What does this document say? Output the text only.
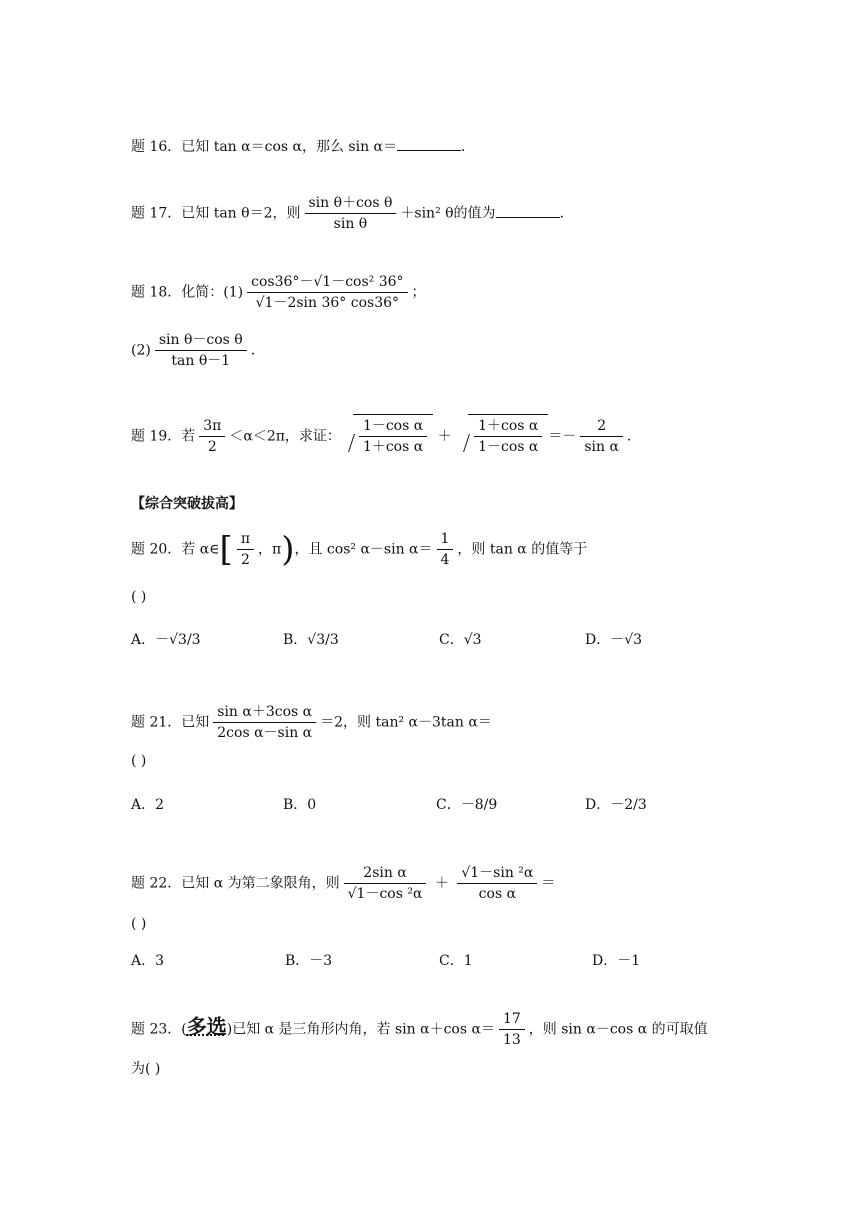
题 16．已知 tan α＝cos α，那么 sin α＝	．
题 17．已知 tan θ＝2，则 $\frac{\text{sin θ＋cos θ}}{\text{sin θ}} +\sin^2$ θ的值为	．
题 18．化简：$(1) \frac{\text{cos36°－√1－cos² 36°}}{√1-2\sin 36^\circ \cos 36^\circ}$ ；
$(2) \frac{\text{sin θ－cos θ}}{\text{tan θ－1}}$ ．
题 19．若 $\frac{3\pi}{2} <\alpha<2\pi$，求证： $\frac{\text{1－cos α}}{\text{1＋cos α}} + \frac{\text{1＋cos α}}{\text{1－cos α}} =- \frac{2}{\text{sin α}}$ ．
【综合突破拔高】
题 20．若 α∈[ $\frac{\pi}{2}$ ，π)，且 cos² α－sin $\alpha= \frac{1}{4}$ ，则 tan α 的值等于
( )
A．－√3/3	B．√3/3	C．√3	D．－√3
题 21．已知 $\frac{\text{sin α＋3cos α}}{\text{2cos α－sin α}} =2$，则 tan² α－3tan α＝
( )
A．2	B．0	C．－8/9	D．－2/3
题 22．已知 α 为第二象限角，则 $\frac{\text{2sin α}}{\text{√1－cos ²α}} + \frac{\text{√1－sin ²α}}{\text{cos α}}$ ＝
( )
A．3	B．－3	C．1	D．－1
题 23．(多选)已知 α 是三角形内角，若 sin α＋cos $\alpha= \frac{17}{13}$ ，则 sin α－cos α 的可取值
为( )
